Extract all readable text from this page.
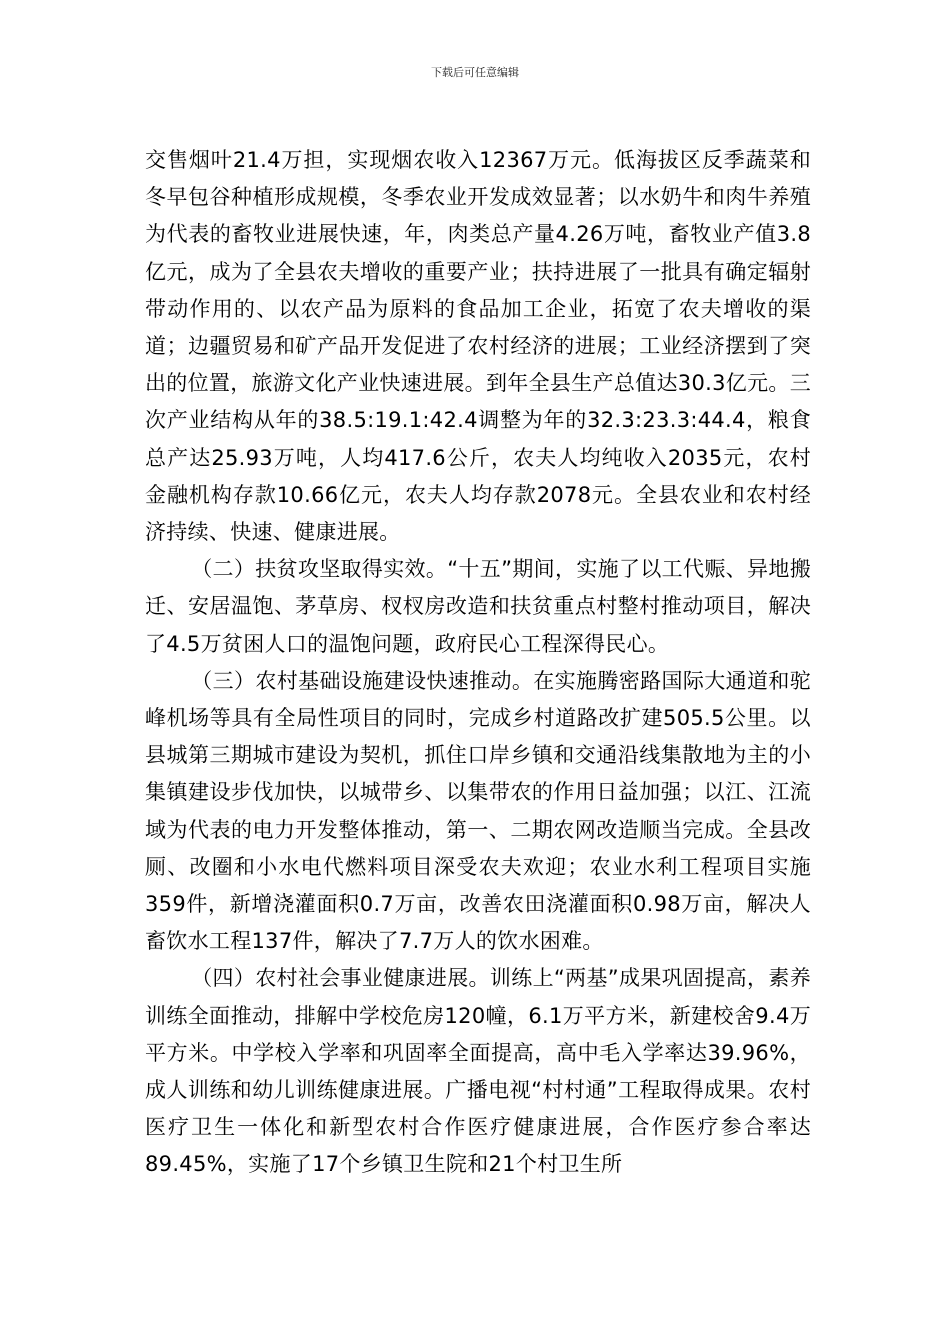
下载后可任意编辑

交售烟叶21.4万担，实现烟农收入12367万元。低海拔区反季蔬菜和冬早包谷种植形成规模，冬季农业开发成效显著；以水奶牛和肉牛养殖为代表的畜牧业进展快速，年，肉类总产量4.26万吨，畜牧业产值3.8亿元，成为了全县农夫增收的重要产业；扶持进展了一批具有确定辐射带动作用的、以农产品为原料的食品加工企业，拓宽了农夫增收的渠道；边疆贸易和矿产品开发促进了农村经济的进展；工业经济摆到了突出的位置，旅游文化产业快速进展。到年全县生产总值达30.3亿元。三次产业结构从年的38.5:19.1:42.4调整为年的32.3:23.3:44.4，粮食总产达25.93万吨，人均417.6公斤，农夫人均纯收入2035元，农村金融机构存款10.66亿元，农夫人均存款2078元。全县农业和农村经济持续、快速、健康进展。

（二）扶贫攻坚取得实效。“十五”期间，实施了以工代赈、异地搬迁、安居温饱、茅草房、杈杈房改造和扶贫重点村整村推动项目，解决了4.5万贫困人口的温饱问题，政府民心工程深得民心。

（三）农村基础设施建设快速推动。在实施腾密路国际大通道和驼峰机场等具有全局性项目的同时，完成乡村道路改扩建505.5公里。以县城第三期城市建设为契机，抓住口岸乡镇和交通沿线集散地为主的小集镇建设步伐加快，以城带乡、以集带农的作用日益加强；以江、江流域为代表的电力开发整体推动，第一、二期农网改造顺当完成。全县改厕、改圈和小水电代燃料项目深受农夫欢迎；农业水利工程项目实施359件，新增浇灌面积0.7万亩，改善农田浇灌面积0.98万亩，解决人畜饮水工程137件，解决了7.7万人的饮水困难。

（四）农村社会事业健康进展。训练上“两基”成果巩固提高，素养训练全面推动，排解中学校危房120幢，6.1万平方米，新建校舍9.4万平方米。中学校入学率和巩固率全面提高，高中毛入学率达39.96%，成人训练和幼儿训练健康进展。广播电视“村村通”工程取得成果。农村医疗卫生一体化和新型农村合作医疗健康进展，合作医疗参合率达89.45%，实施了17个乡镇卫生院和21个村卫生所
